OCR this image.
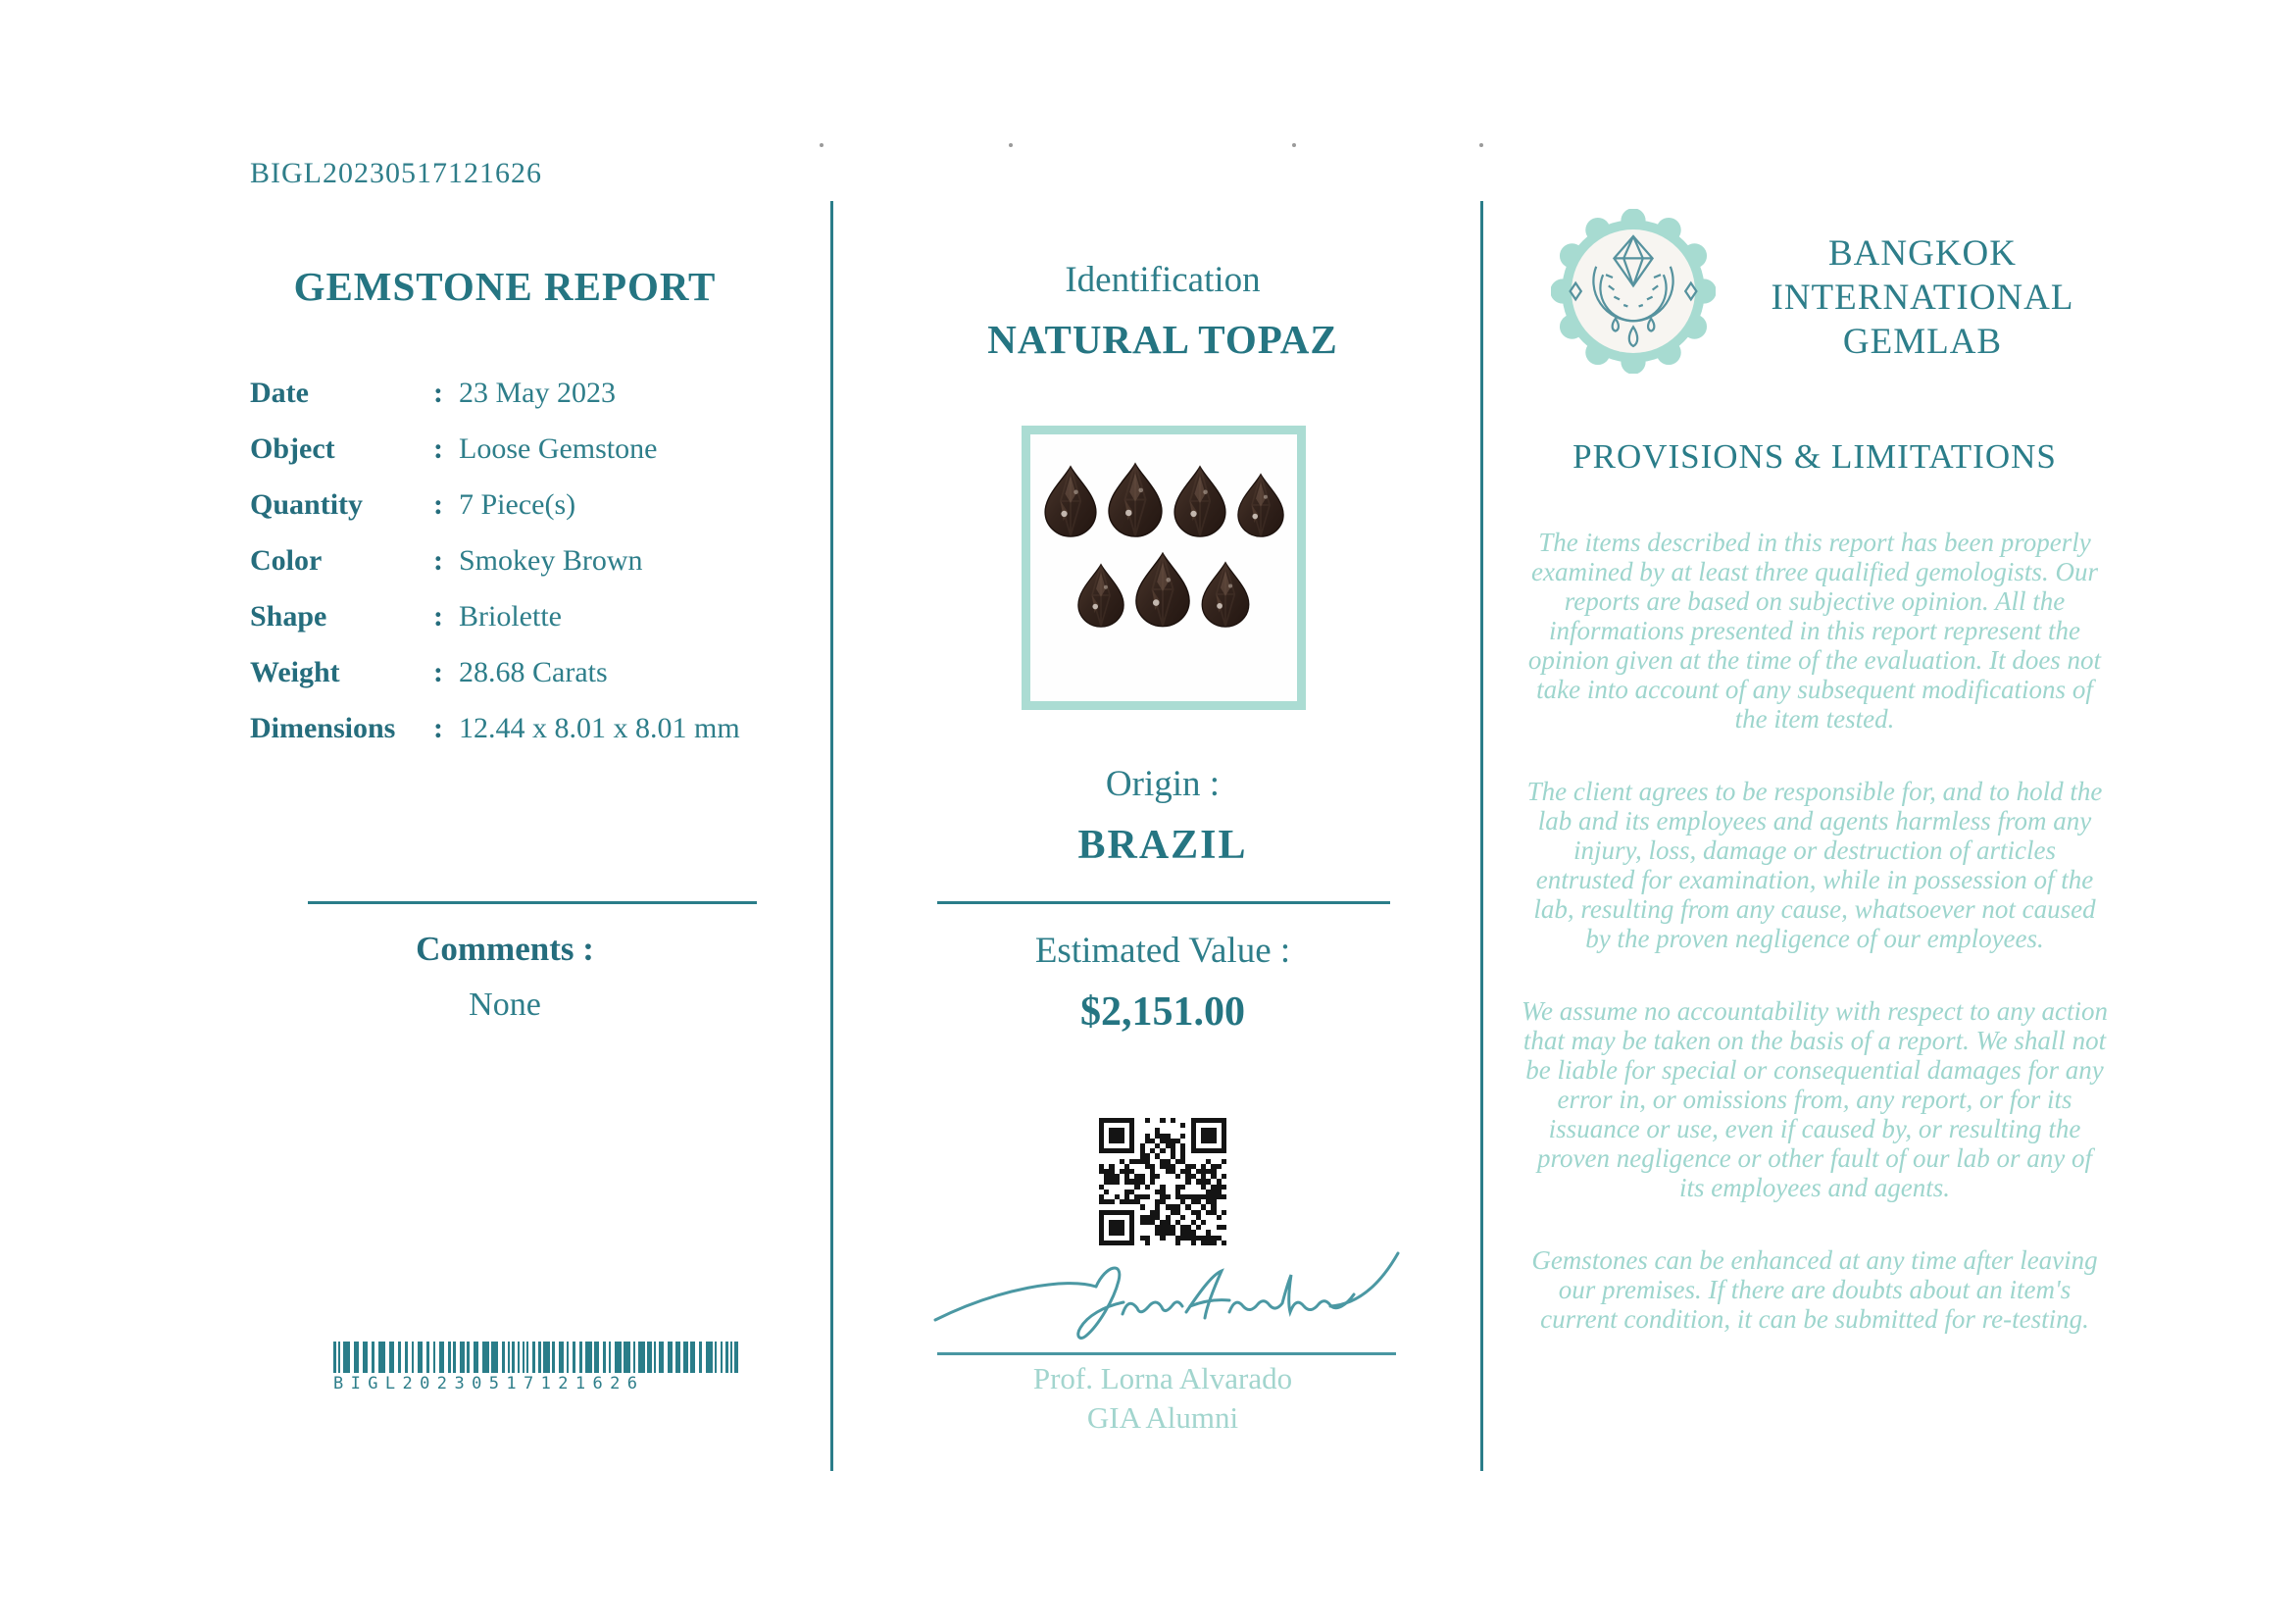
BIGL20230517121626
GEMSTONE REPORT
Date	: 23 May 2023
Object	: Loose Gemstone
Quantity	: 7 Piece(s)
Color	: Smokey Brown
Shape	: Briolette
Weight	: 28.68 Carats
Dimensions	: 12.44 x 8.01 x 8.01 mm
Comments :
None
BIGL20230517121626
Identification
NATURAL TOPAZ
Origin :
BRAZIL
Estimated Value :
$2,151.00
Prof. Lorna Alvarado
GIA Alumni
BANGKOK
INTERNATIONAL
GEMLAB
PROVISIONS & LIMITATIONS

The items described in this report has been properly examined by at least three qualified gemologists. Our reports are based on subjective opinion. All the informations presented in this report represent the opinion given at the time of the evaluation. It does not take into account of any subsequent modifications of the item tested.

The client agrees to be responsible for, and to hold the lab and its employees and agents harmless from any injury, loss, damage or destruction of articles entrusted for examination, while in possession of the lab, resulting from any cause, whatsoever not caused by the proven negligence of our employees.

We assume no accountability with respect to any action that may be taken on the basis of a report. We shall not be liable for special or consequential damages for any error in, or omissions from, any report, or for its issuance or use, even if caused by, or resulting the proven negligence or other fault of our lab or any of its employees and agents.

Gemstones can be enhanced at any time after leaving our premises. If there are doubts about an item's current condition, it can be submitted for re-testing.
